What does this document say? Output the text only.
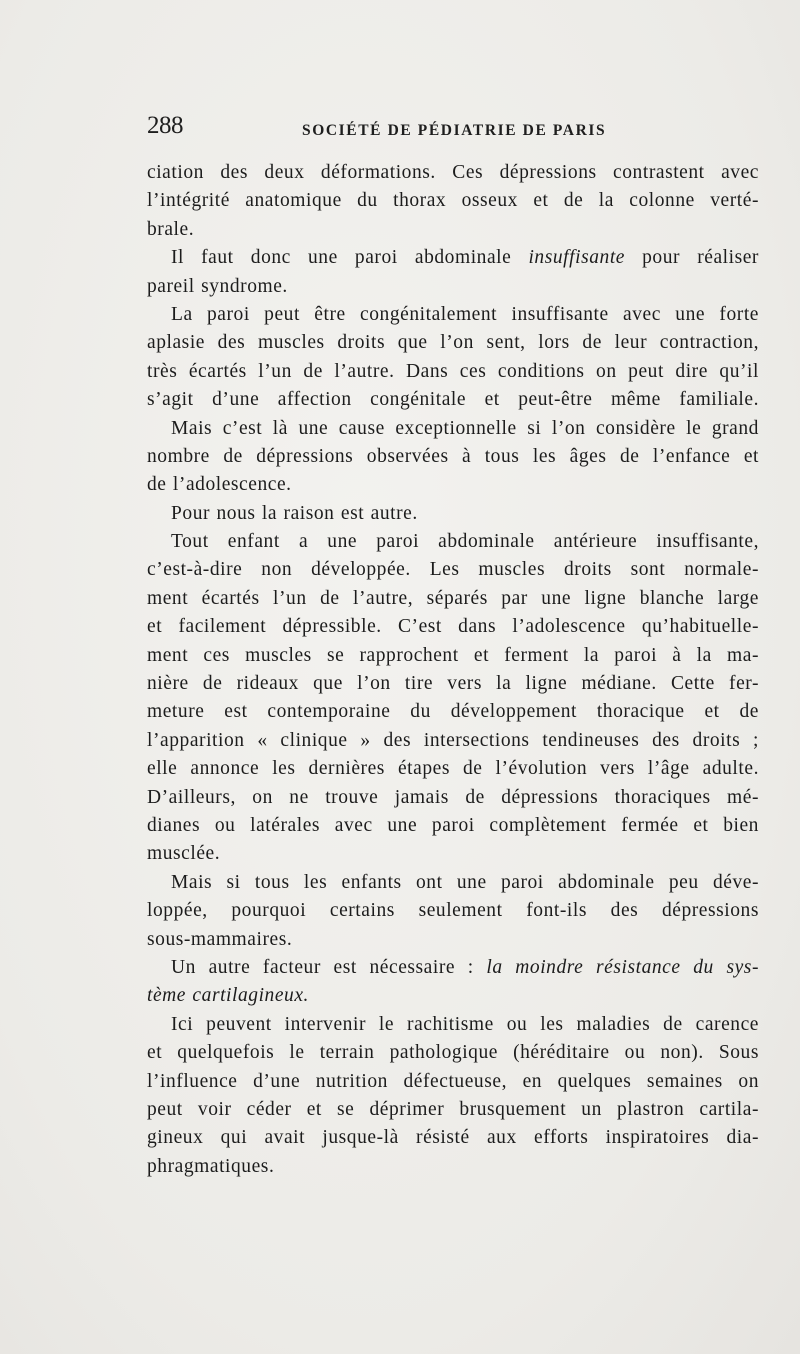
288	SOCIÉTÉ DE PÉDIATRIE DE PARIS
ciation des deux déformations. Ces dépressions contrastent avec
l’intégrité anatomique du thorax osseux et de la colonne verté-
brale.
Il faut donc une paroi abdominale insuffisante pour réaliser
pareil syndrome.
La paroi peut être congénitalement insuffisante avec une forte
aplasie des muscles droits que l’on sent, lors de leur contraction,
très écartés l’un de l’autre. Dans ces conditions on peut dire qu’il
s’agit d’une affection congénitale et peut-être même familiale.
Mais c’est là une cause exceptionnelle si l’on considère le grand
nombre de dépressions observées à tous les âges de l’enfance et
de l’adolescence.
Pour nous la raison est autre.
Tout enfant a une paroi abdominale antérieure insuffisante,
c’est-à-dire non développée. Les muscles droits sont normale-
ment écartés l’un de l’autre, séparés par une ligne blanche large
et facilement dépressible. C’est dans l’adolescence qu’habituelle-
ment ces muscles se rapprochent et ferment la paroi à la ma-
nière de rideaux que l’on tire vers la ligne médiane. Cette fer-
meture est contemporaine du développement thoracique et de
l’apparition « clinique » des intersections tendineuses des droits ;
elle annonce les dernières étapes de l’évolution vers l’âge adulte.
D’ailleurs, on ne trouve jamais de dépressions thoraciques mé-
dianes ou latérales avec une paroi complètement fermée et bien
musclée.
Mais si tous les enfants ont une paroi abdominale peu déve-
loppée, pourquoi certains seulement font-ils des dépressions
sous-mammaires.
Un autre facteur est nécessaire : la moindre résistance du sys-
tème cartilagineux.
Ici peuvent intervenir le rachitisme ou les maladies de carence
et quelquefois le terrain pathologique (héréditaire ou non). Sous
l’influence d’une nutrition défectueuse, en quelques semaines on
peut voir céder et se déprimer brusquement un plastron cartila-
gineux qui avait jusque-là résisté aux efforts inspiratoires dia-
phragmatiques.
